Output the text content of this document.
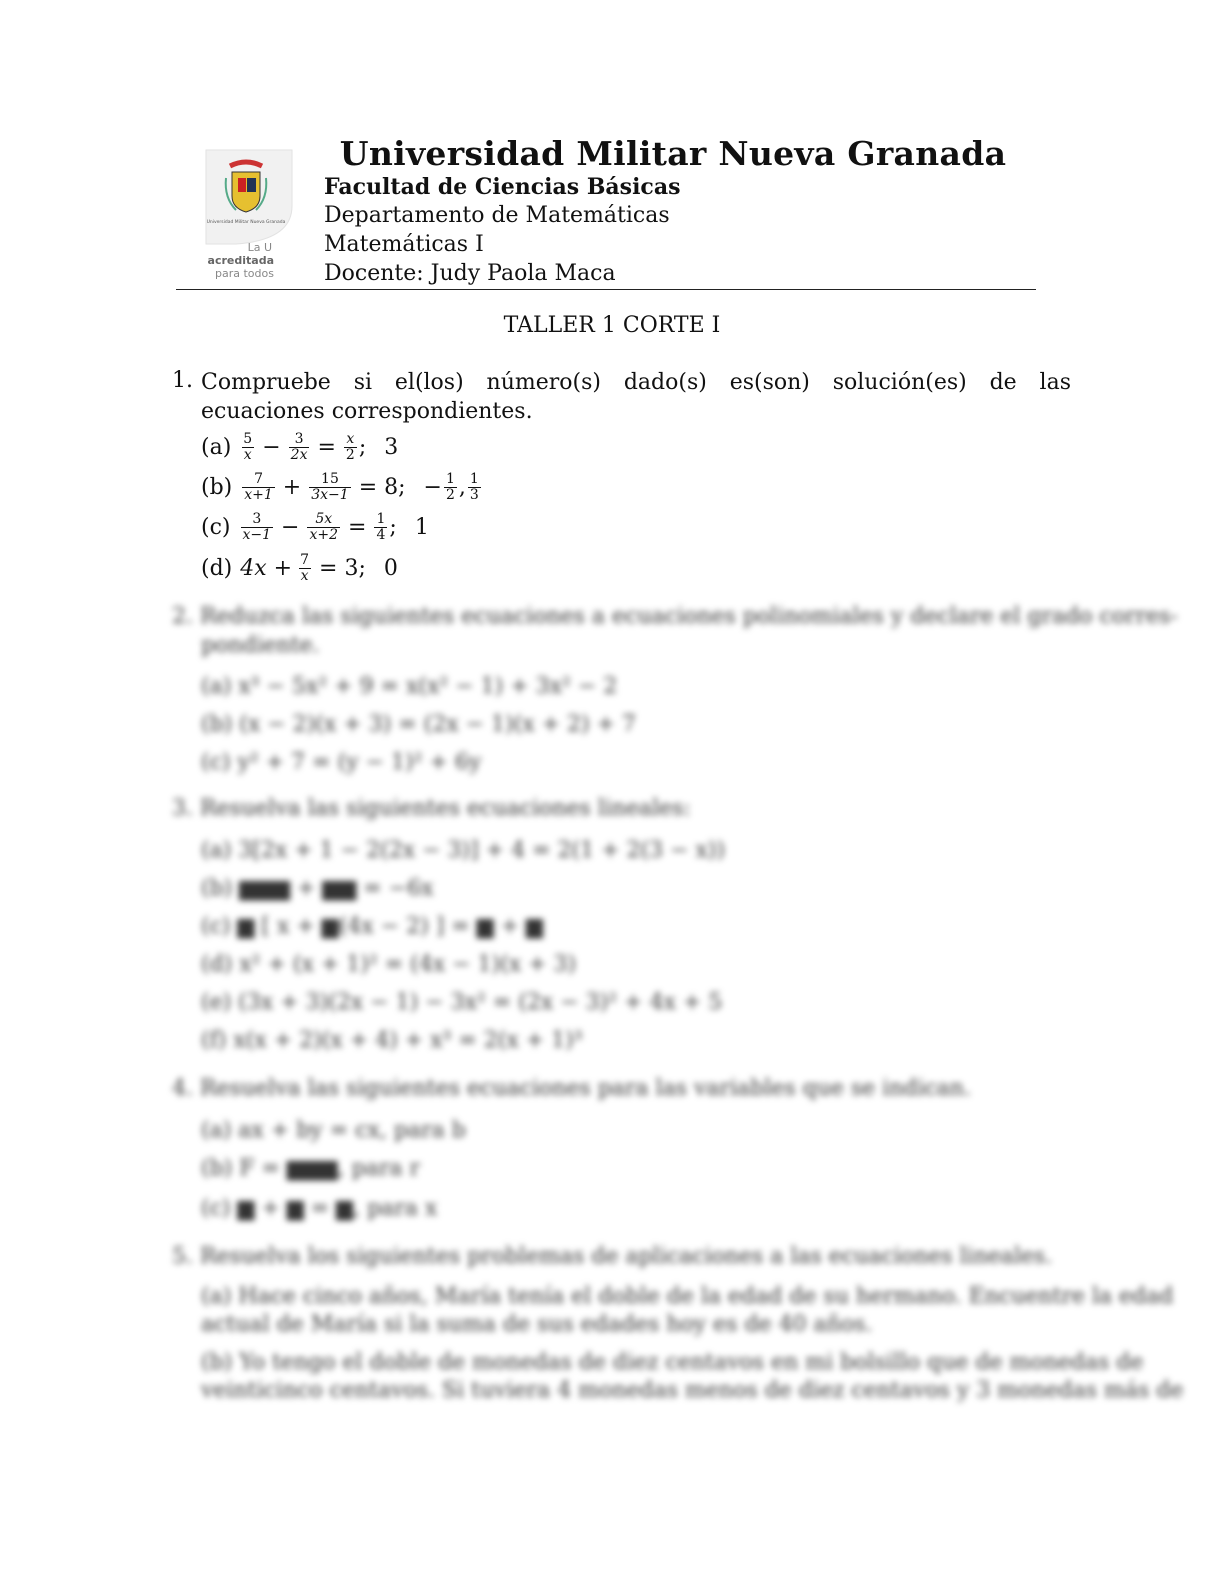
Universidad Militar Nueva Granada
La U
acreditada
para todos
Universidad Militar Nueva Granada
Facultad de Ciencias Básicas
Departamento de Matemáticas
Matemáticas I
Docente: Judy Paola Maca
TALLER 1 CORTE I
1. Compruebe si el(los) número(s) dado(s) es(son) solución(es) de las ecuaciones correspondientes.
$(a) \frac{5}{x} - \frac{3}{2x} = \frac{x}{2}$ ; 3
$(b) \frac{7}{x+1} + \frac{15}{3x-1} = 8$; − $\frac{1}{2}$ , $\frac{1}{3}$
$(c) \frac{3}{x-1} - \frac{5x}{x+2} = \frac{1}{4}$ ; 1
(d) $4x + \frac{7}{x} = 3$; 0
2. Reduzca las siguientes ecuaciones a ecuaciones polinomiales y declare el grado corres-
pondiente.
(a) x³ − 5x² + 9 = x(x² − 1) + 3x² − 2
(b) (x − 2)(x + 3) = (2x − 1)(x + 2) + 7
(c) y² + 7 = (y − 1)² + 6y
3. Resuelva las siguientes ecuaciones lineales:
(a) 3[2x + 1 − 2(2x − 3)] + 4 = 2(1 + 2(3 − x))
(b) ▆▆▆ + ▆▆ = −6x
(c) ▆ [ x + ▆(4x − 2) ] = ▆ + ▆
(d) x² + (x + 1)² = (4x − 1)(x + 3)
(e) (3x + 3)(2x − 1) − 3x² = (2x − 3)² + 4x + 5
(f) x(x + 2)(x + 4) + x³ = 2(x + 1)³
4. Resuelva las siguientes ecuaciones para las variables que se indican.
(a) ax + by = cx, para b
(b) F = ▆▆▆, para r
(c) ▆ + ▆ = ▆, para x
5. Resuelva los siguientes problemas de aplicaciones a las ecuaciones lineales.
(a) Hace cinco años, María tenía el doble de la edad de su hermano. Encuentre la edad
actual de María si la suma de sus edades hoy es de 40 años.
(b) Yo tengo el doble de monedas de diez centavos en mi bolsillo que de monedas de
veinticinco centavos. Si tuviera 4 monedas menos de diez centavos y 3 monedas más de
